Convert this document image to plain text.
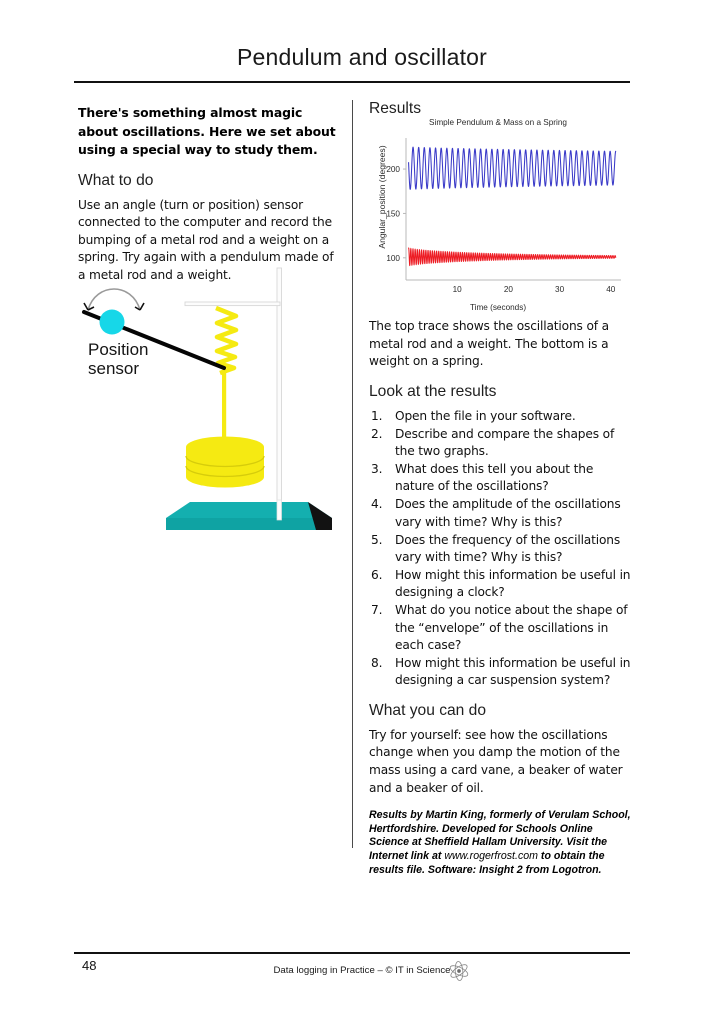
Pendulum and oscillator

There's something almost magic about oscillations. Here we set about using a special way to study them.

What to do

Use an angle (turn or position) sensor connected to the computer and record the bumping of a metal rod and a weight on a spring. Try again with a pendulum made of a metal rod and a weight.

Position
sensor
Results
Simple Pendulum & Mass on a Spring
Angular_position (degrees)
Time (seconds)
10	20	30	40
100
150
200

The top trace shows the oscillations of a metal rod and a weight. The bottom is a weight on a spring.

Look at the results
Open the file in your software.
Describe and compare the shapes of the two graphs.
What does this tell you about the nature of the oscillations?
Does the amplitude of the oscillations vary with time? Why is this?
Does the frequency of the oscillations vary with time? Why is this?
How might this information be useful in designing a clock?
What do you notice about the shape of the “envelope” of the oscillations in each case?
How might this information be useful in designing a car suspension system?
What you can do

Try for yourself: see how the oscillations change when you damp the motion of the mass using a card vane, a beaker of water and a beaker of oil.

Results by Martin King, formerly of Verulam School, Hertfordshire. Developed for Schools Online Science at Sheffield Hallam University. Visit the Internet link at www.rogerfrost.com to obtain the results file. Software: Insight 2 from Logotron.
48	Data logging in Practice – © IT in Science
